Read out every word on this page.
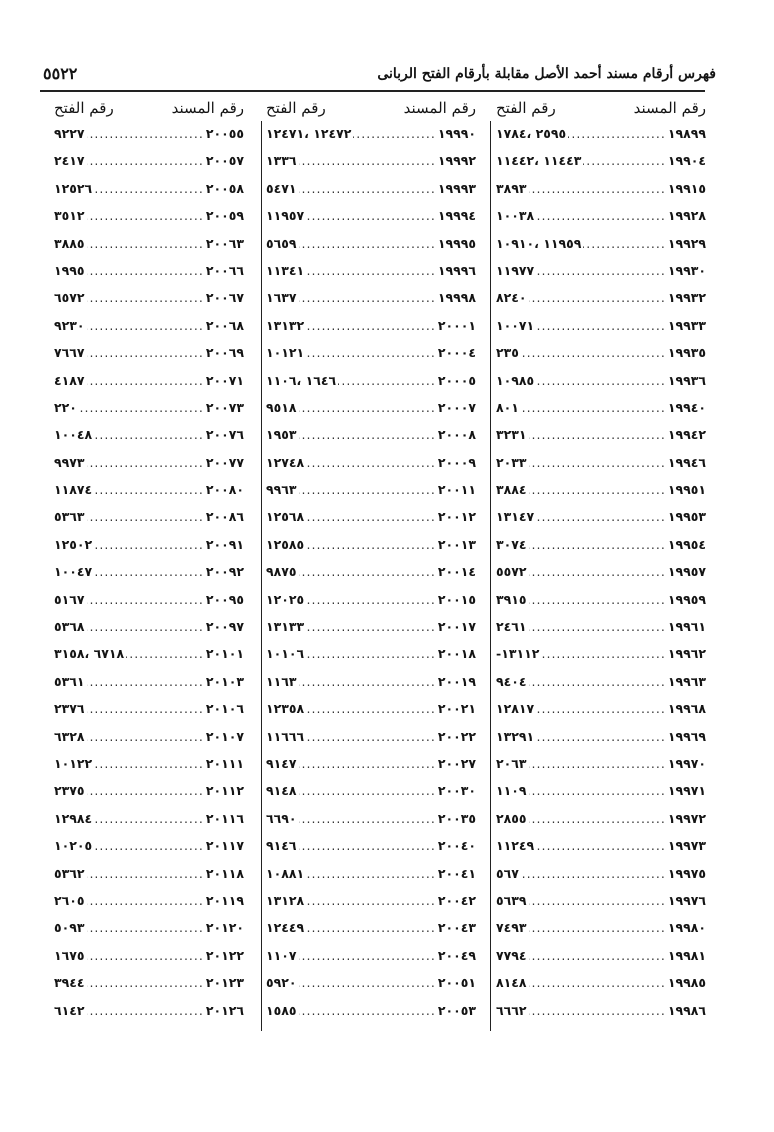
فهرس أرقام مسند أحمد الأصل مقابلة بأرقام الفتح الربانى
٥٥٢٢
رقم المسند
رقم الفتح
١٩٨٩٩
.....
٢٥٩٥ ،١٧٨٤
١٩٩٠٤
.....
١١٤٤٣ ،١١٤٤٢
١٩٩١٥
.....
٣٨٩٣
١٩٩٢٨
.....
١٠٠٣٨
١٩٩٢٩
.....
١١٩٥٩ ،١٠٩١٠
١٩٩٣٠
.....
١١٩٧٧
١٩٩٣٢
.....
٨٢٤٠
١٩٩٣٣
.....
١٠٠٧١
١٩٩٣٥
.....
٢٣٥
١٩٩٣٦
.....
١٠٩٨٥
١٩٩٤٠
.....
٨٠١
١٩٩٤٢
.....
٣٢٣١
١٩٩٤٦
.....
٢٠٣٣
١٩٩٥١
.....
٣٨٨٤
١٩٩٥٣
.....
١٣١٤٧
١٩٩٥٤
.....
٣٠٧٤
١٩٩٥٧
.....
٥٥٧٢
١٩٩٥٩
.....
٣٩١٥
١٩٩٦١
.....
٢٤٦١
١٩٩٦٢
.....
١٣١١٢-
١٩٩٦٣
.....
٩٤٠٤
١٩٩٦٨
.....
١٢٨١٧
١٩٩٦٩
.....
١٣٢٩١
١٩٩٧٠
.....
٢٠٦٣
١٩٩٧١
.....
١١٠٩
١٩٩٧٢
.....
٢٨٥٥
١٩٩٧٣
.....
١١٢٤٩
١٩٩٧٥
.....
٥٦٧
١٩٩٧٦
.....
٥٦٣٩
١٩٩٨٠
.....
٧٤٩٣
١٩٩٨١
.....
٧٧٩٤
١٩٩٨٥
.....
٨١٤٨
١٩٩٨٦
.....
٦٦٦٢
رقم المسند
رقم الفتح
١٩٩٩٠
.....
١٢٤٧٢ ،١٢٤٧١
١٩٩٩٢
.....
١٣٣٦
١٩٩٩٣
.....
٥٤٧١
١٩٩٩٤
.....
١١٩٥٧
١٩٩٩٥
.....
٥٦٥٩
١٩٩٩٦
.....
١١٣٤١
١٩٩٩٨
.....
١٦٣٧
٢٠٠٠١
.....
١٣١٣٢
٢٠٠٠٤
.....
١٠١٢١
٢٠٠٠٥
.....
١٦٤٦ ،١١٠٦
٢٠٠٠٧
.....
٩٥١٨
٢٠٠٠٨
.....
١٩٥٣
٢٠٠٠٩
.....
١٢٧٤٨
٢٠٠١١
.....
٩٩٦٣
٢٠٠١٢
.....
١٢٥٦٨
٢٠٠١٣
.....
١٢٥٨٥
٢٠٠١٤
.....
٩٨٧٥
٢٠٠١٥
.....
١٢٠٢٥
٢٠٠١٧
.....
١٣١٣٣
٢٠٠١٨
.....
١٠١٠٦
٢٠٠١٩
.....
١١٦٣
٢٠٠٢١
.....
١٢٣٥٨
٢٠٠٢٢
.....
١١٦٦٦
٢٠٠٢٧
.....
٩١٤٧
٢٠٠٣٠
.....
٩١٤٨
٢٠٠٣٥
.....
٦٦٩٠
٢٠٠٤٠
.....
٩١٤٦
٢٠٠٤١
.....
١٠٨٨١
٢٠٠٤٢
.....
١٣١٢٨
٢٠٠٤٣
.....
١٢٤٤٩
٢٠٠٤٩
.....
١١٠٧
٢٠٠٥١
.....
٥٩٢٠
٢٠٠٥٣
.....
١٥٨٥
رقم المسند
رقم الفتح
٢٠٠٥٥
.....
٩٢٢٧
٢٠٠٥٧
.....
٢٤١٧
٢٠٠٥٨
.....
١٢٥٢٦
٢٠٠٥٩
.....
٣٥١٢
٢٠٠٦٣
.....
٣٨٨٥
٢٠٠٦٦
.....
١٩٩٥
٢٠٠٦٧
.....
٦٥٧٢
٢٠٠٦٨
.....
٩٢٣٠
٢٠٠٦٩
.....
٧٦٦٧
٢٠٠٧١
.....
٤١٨٧
٢٠٠٧٣
.....
٢٢٠
٢٠٠٧٦
.....
١٠٠٤٨
٢٠٠٧٧
.....
٩٩٧٣
٢٠٠٨٠
.....
١١٨٧٤
٢٠٠٨٦
.....
٥٣٦٣
٢٠٠٩١
.....
١٢٥٠٢
٢٠٠٩٢
.....
١٠٠٤٧
٢٠٠٩٥
.....
٥١٦٧
٢٠٠٩٧
.....
٥٣٦٨
٢٠١٠١
.....
٦٧١٨ ،٣١٥٨
٢٠١٠٣
.....
٥٣٦١
٢٠١٠٦
.....
٢٣٧٦
٢٠١٠٧
.....
٦٣٢٨
٢٠١١١
.....
١٠١٢٢
٢٠١١٢
.....
٢٣٧٥
٢٠١١٦
.....
١٢٩٨٤
٢٠١١٧
.....
١٠٢٠٥
٢٠١١٨
.....
٥٣٦٢
٢٠١١٩
.....
٢٦٠٥
٢٠١٢٠
.....
٥٠٩٣
٢٠١٢٢
.....
١٦٧٥
٢٠١٢٣
.....
٣٩٤٤
٢٠١٢٦
.....
٦١٤٢
